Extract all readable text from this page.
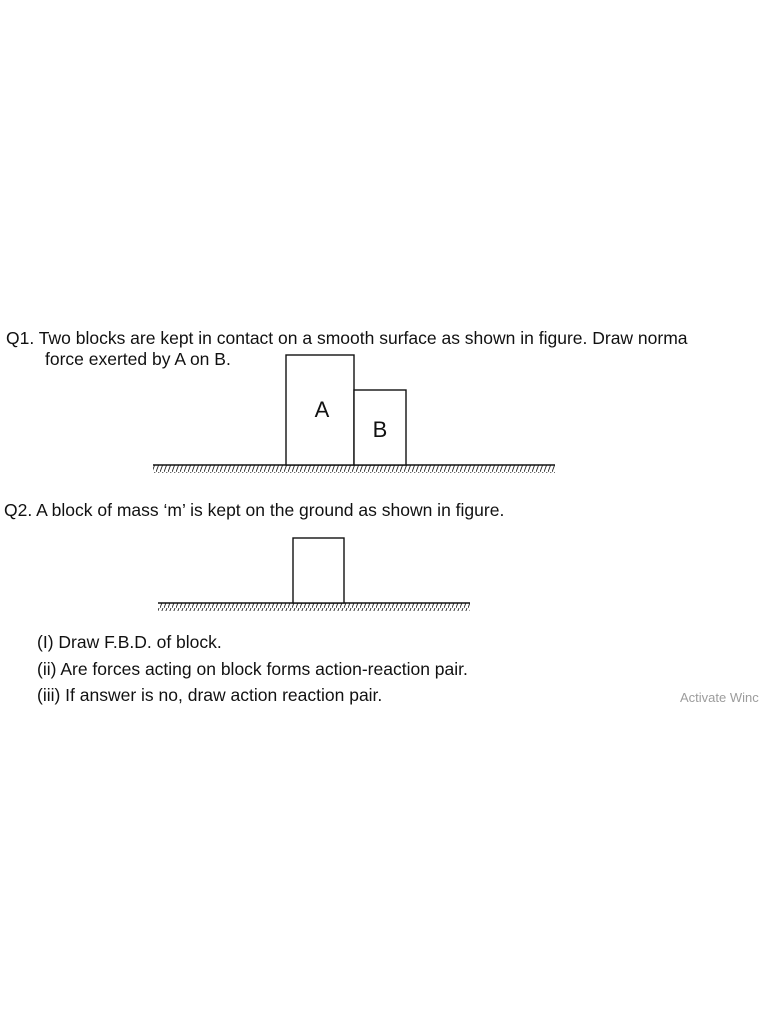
Q1. Two blocks are kept in contact on a smooth surface as shown in figure. Draw norma
force exerted by A on B.
A
B
Q2. A block of mass ‘m’ is kept on the ground as shown in figure.
(I) Draw F.B.D. of block.
(ii) Are forces acting on block forms action-reaction pair.
(iii) If answer is no, draw action reaction pair.	Activate Winc
